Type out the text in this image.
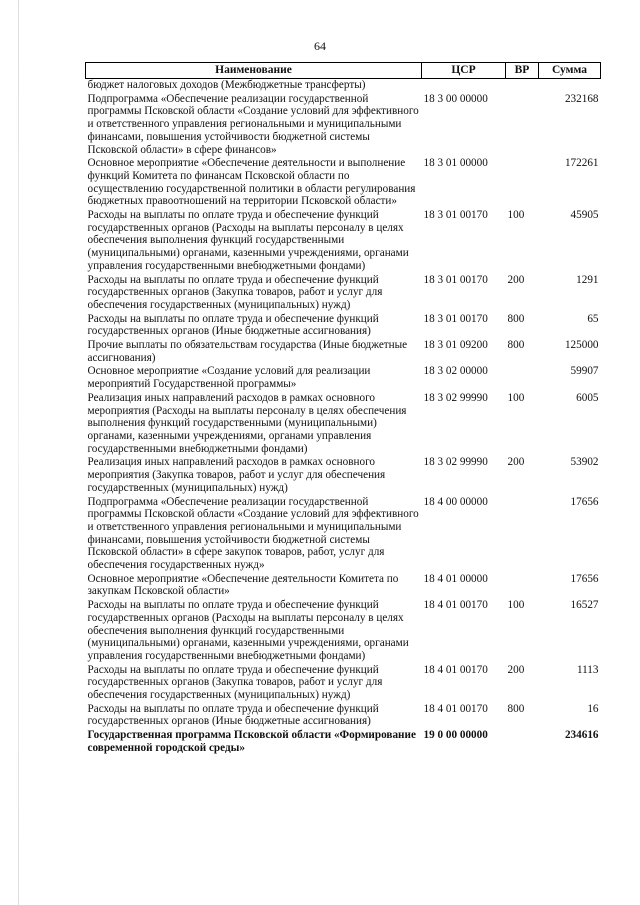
64
Наименование	ЦСР	ВР	Сумма
бюджет налоговых доходов (Межбюджетные трансферты)			
Подпрограмма «Обеспечение реализации государственной программы Псковской области «Создание условий для эффективного и ответственного управления региональными и муниципальными финансами, повышения устойчивости бюджетной системы Псковской области» в сфере финансов»	18 3 00 00000		232168
Основное мероприятие «Обеспечение деятельности и выполнение функций Комитета по финансам Псковской области по осуществлению государственной политики в области регулирования бюджетных правоотношений на территории Псковской области»	18 3 01 00000		172261
Расходы на выплаты по оплате труда и обеспечение функций государственных органов (Расходы на выплаты персоналу в целях обеспечения выполнения функций государственными (муниципальными) органами, казенными учреждениями, органами управления государственными внебюджетными фондами)	18 3 01 00170	100	45905
Расходы на выплаты по оплате труда и обеспечение функций государственных органов (Закупка товаров, работ и услуг для обеспечения государственных (муниципальных) нужд)	18 3 01 00170	200	1291
Расходы на выплаты по оплате труда и обеспечение функций государственных органов (Иные бюджетные ассигнования)	18 3 01 00170	800	65
Прочие выплаты по обязательствам государства (Иные бюджетные ассигнования)	18 3 01 09200	800	125000
Основное мероприятие «Создание условий для реализации мероприятий Государственной программы»	18 3 02 00000		59907
Реализация иных направлений расходов в рамках основного мероприятия (Расходы на выплаты персоналу в целях обеспечения выполнения функций государственными (муниципальными) органами, казенными учреждениями, органами управления государственными внебюджетными фондами)	18 3 02 99990	100	6005
Реализация иных направлений расходов в рамках основного мероприятия (Закупка товаров, работ и услуг для обеспечения государственных (муниципальных) нужд)	18 3 02 99990	200	53902
Подпрограмма «Обеспечение реализации государственной программы Псковской области «Создание условий для эффективного и ответственного управления региональными и муниципальными финансами, повышения устойчивости бюджетной системы Псковской области» в сфере закупок товаров, работ, услуг для обеспечения государственных нужд»	18 4 00 00000		17656
Основное мероприятие «Обеспечение деятельности Комитета по закупкам Псковской области»	18 4 01 00000		17656
Расходы на выплаты по оплате труда и обеспечение функций государственных органов (Расходы на выплаты персоналу в целях обеспечения выполнения функций государственными (муниципальными) органами, казенными учреждениями, органами управления государственными внебюджетными фондами)	18 4 01 00170	100	16527
Расходы на выплаты по оплате труда и обеспечение функций государственных органов (Закупка товаров, работ и услуг для обеспечения государственных (муниципальных) нужд)	18 4 01 00170	200	1113
Расходы на выплаты по оплате труда и обеспечение функций государственных органов (Иные бюджетные ассигнования)	18 4 01 00170	800	16
Государственная программа Псковской области «Формирование современной городской среды»	19 0 00 00000		234616
